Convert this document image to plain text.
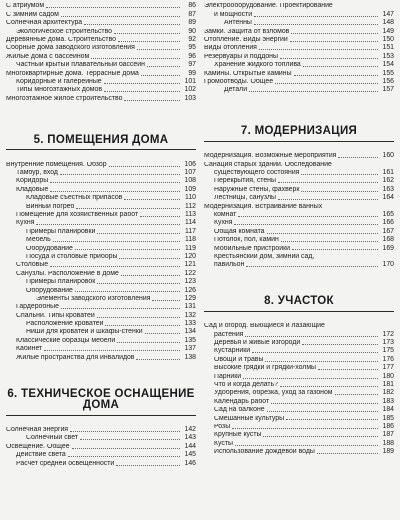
С атриумом	86
С зимним садом	87
Солнечная архитектура	89
Экологическое строительство	90
Деревянные дома. Строительство	92
Сборные дома заводского изготовления	95
Жилые дома с бассейном	96
Частный крытый плавательный бассейн	97
Многоквартирные дома. Террасные дома	99
Коридорные и галерейные	101
Типы многоэтажных домов	102
Многоэтажное жилое строительство	103
5. ПОМЕЩЕНИЯ ДОМА
Внутренние помещения. Обзор	106
Тамбур, вход	107
Коридоры	108
Кладовые	109
Кладовые съестных припасов	110
Винный погреб	112
Помещение для хозяйственных работ	113
Кухня	114
Примеры планировки	117
Мебель	118
Оборудование	119
Посуда и столовые приборы	120
Столовые	121
Санузлы. Расположение в доме	122
Примеры планировок	123
Оборудование	126
Элементы заводского изготовления	129
Гардеробные	131
Спальни. Типы кроватей	132
Расположение кроватей	133
Ниши для кроватей и шкафы-стенки	134
Классические образцы мебели	135
Кабинет	137
Жилые пространства для инвалидов	138
6. ТЕХНИЧЕСКОЕ ОСНАЩЕНИЕ ДОМА
Солнечная энергия	142
Солнечный свет	143
Освещение. Общее	144
Действие света	145
Расчет средней освещенности	146
Электрооборудование. Проектирование
и мощности	147
Антенны	148
Замки. Защита от взломов	149
Отопление. Виды энергии	150
Виды отопления	151
Резервуары и поддоны	153
Хранение жидкого топлива	154
Камины. Открытые камины	155
Громоотводы. Общее	156
Детали	157
7. МОДЕРНИЗАЦИЯ
Модернизация. Возможные мероприятия	160
Санация старых зданий. Обследование
существующего состояния	161
Перекрытия, стены	162
Наружные стены, фахверк	163
Лестницы, санузлы	164
Модернизация. Встраивание ванных
комнат	165
Кухня	166
Общая комната	167
Потолок, пол, камин	168
Мобильные пристройки	169
Крестьянский дом, зимний сад,
павильон	170
8. УЧАСТОК
Сад и огород. Вьющиеся и лазающие
растения	172
Деревья и живые изгороди	173
Кустарники	175
Овощи и травы	176
Высокие грядки и грядки-холмы	177
Парники	180
Что и когда делать?	181
Удобрения, обрезка, уход за газоном	182
Календарь работ	183
Сад на балконе	184
Смешанные культуры	185
Розы	186
Крупные кусты	187
Кусты	188
Использование дождевой воды	189
